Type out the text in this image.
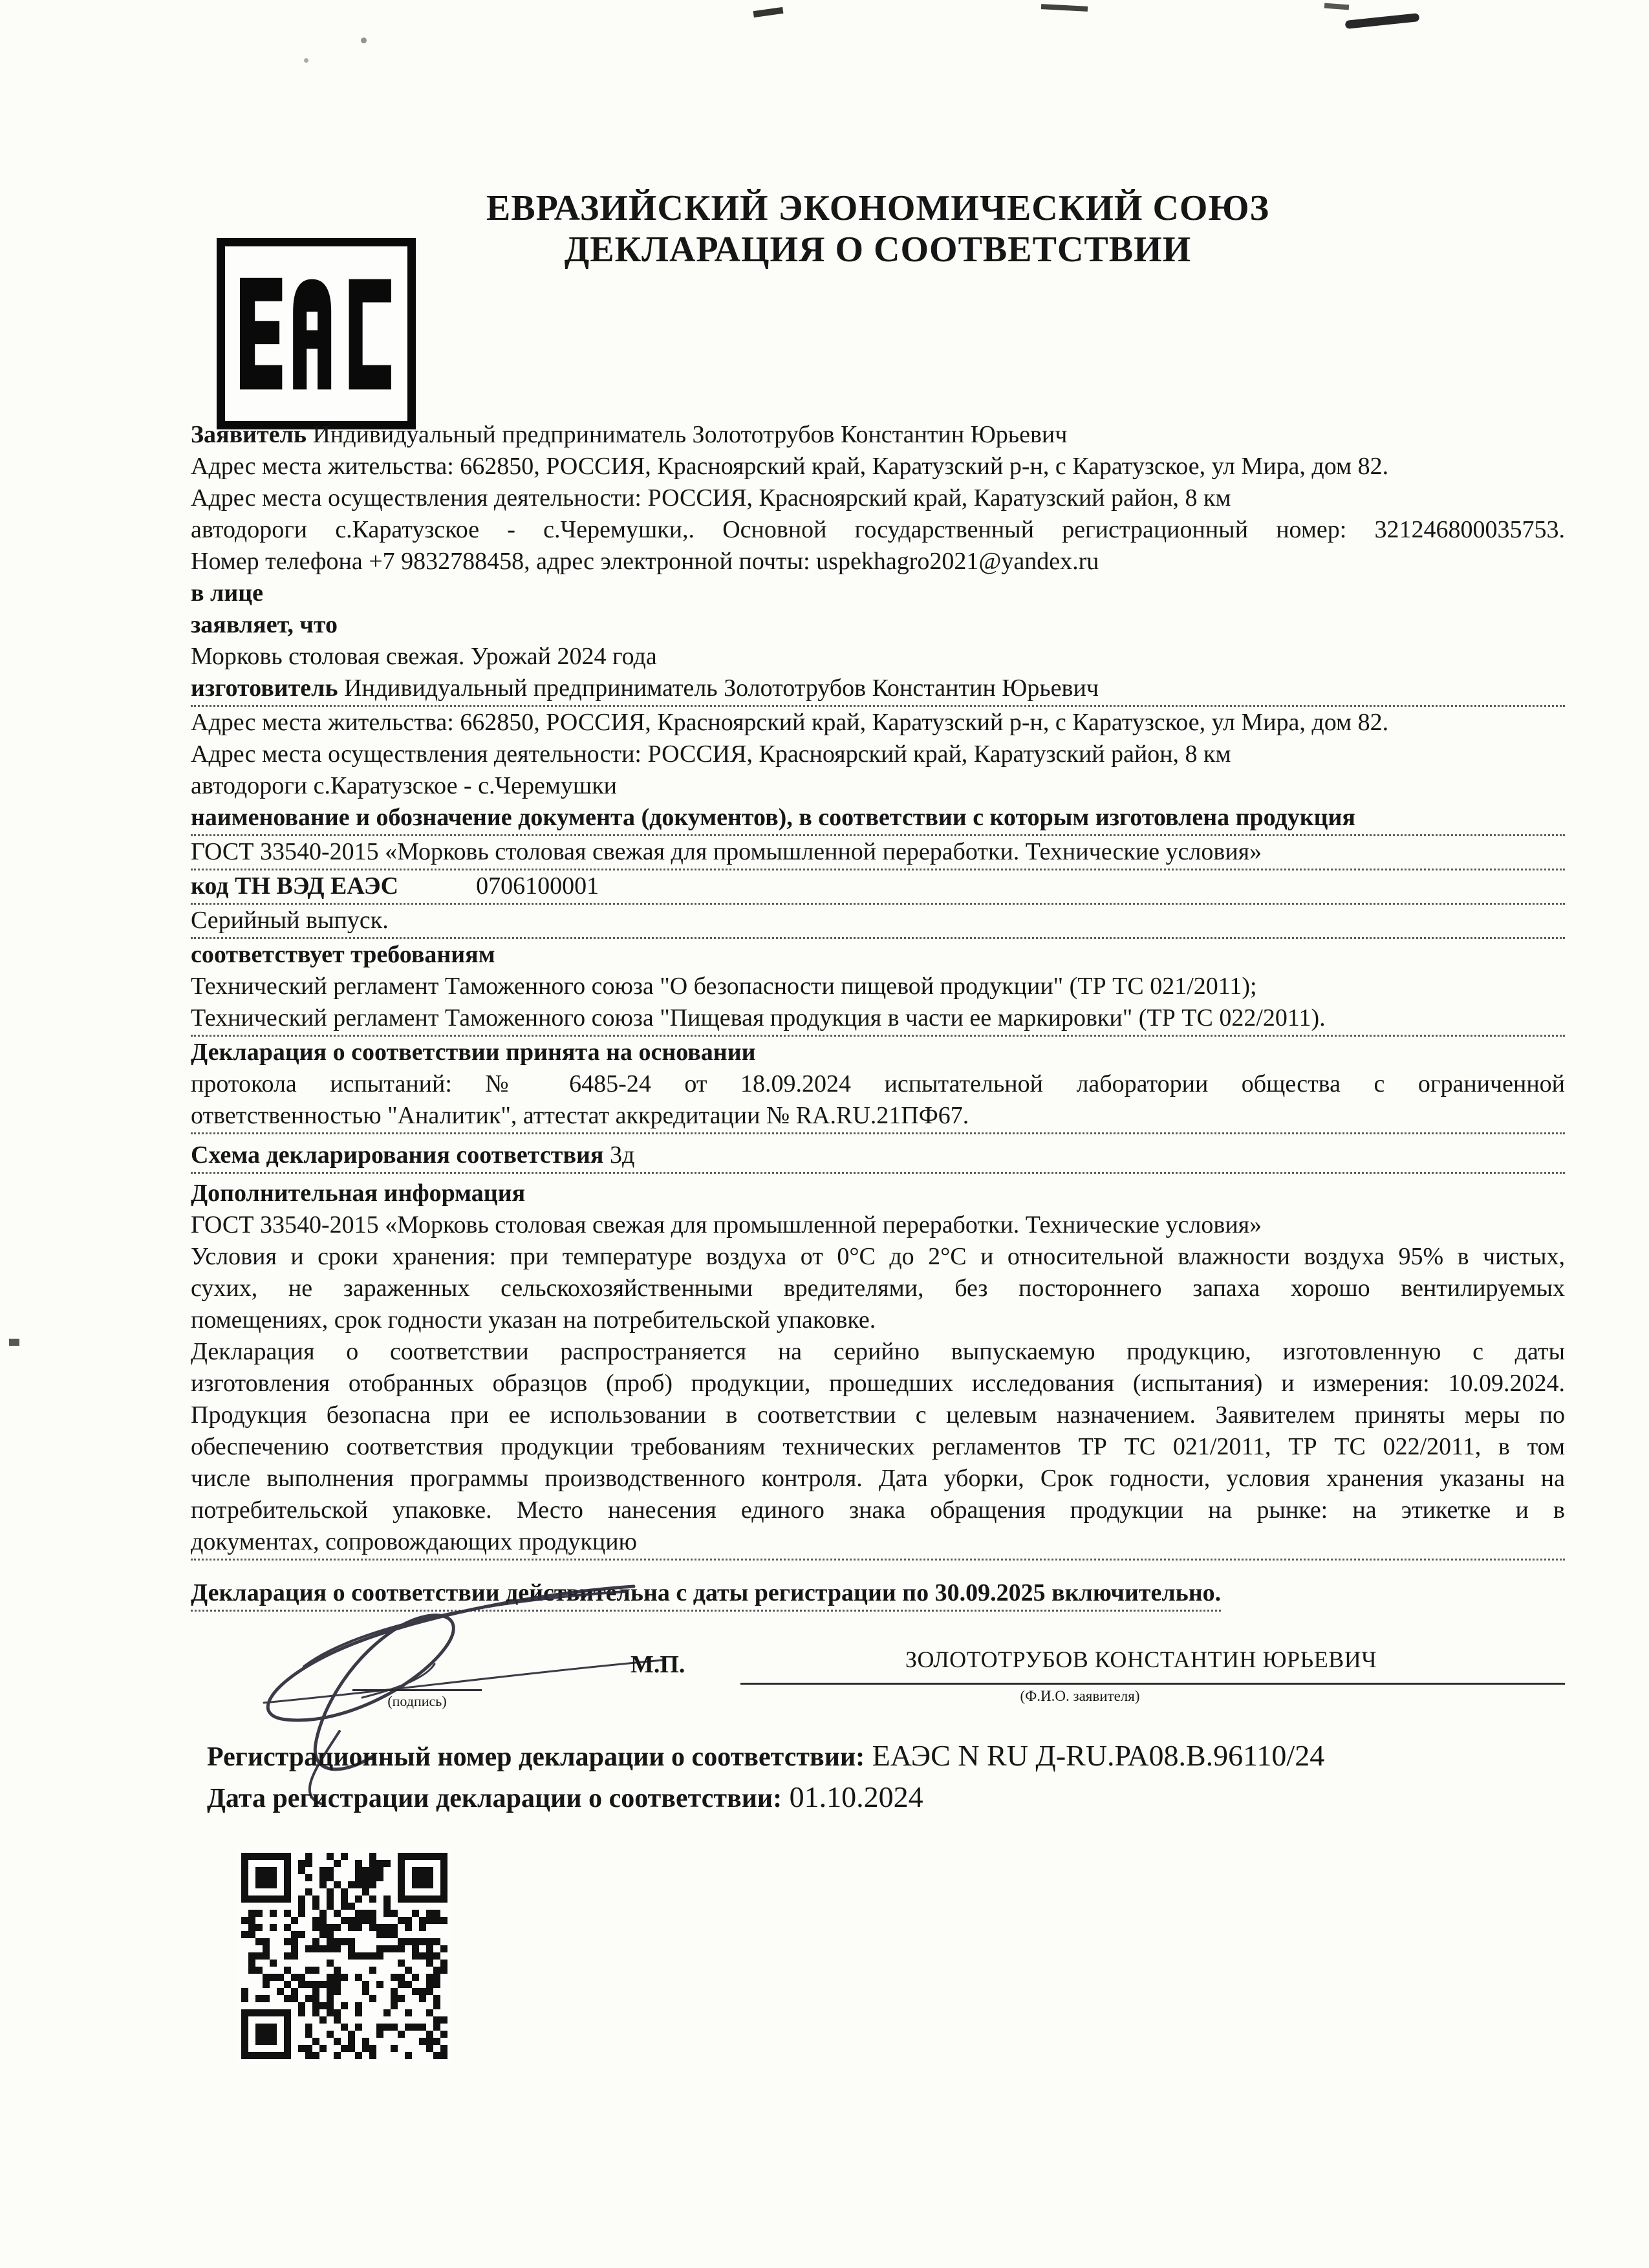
ЕВРАЗИЙСКИЙ ЭКОНОМИЧЕСКИЙ СОЮЗ
ДЕКЛАРАЦИЯ О СООТВЕТСТВИИ
Заявитель Индивидуальный предприниматель Золототрубов Константин Юрьевич
Адрес места жительства: 662850, РОССИЯ, Красноярский край, Каратузский р-н, с Каратузское, ул Мира, дом 82.
Адрес места осуществления деятельности: РОССИЯ, Красноярский край, Каратузский район, 8 км
автодороги с.Каратузское - с.Черемушки,. Основной государственный регистрационный номер: 321246800035753.
Номер телефона +7 9832788458, адрес электронной почты: uspekhagro2021@yandex.ru
в лице
заявляет, что
Морковь столовая свежая. Урожай 2024 года
изготовитель Индивидуальный предприниматель Золототрубов Константин Юрьевич
Адрес места жительства: 662850, РОССИЯ, Красноярский край, Каратузский р-н, с Каратузское, ул Мира, дом 82.
Адрес места осуществления деятельности: РОССИЯ, Красноярский край, Каратузский район, 8 км
автодороги с.Каратузское - с.Черемушки
наименование и обозначение документа (документов), в соответствии с которым изготовлена продукция
ГОСТ 33540-2015 «Морковь столовая свежая для промышленной переработки. Технические условия»
код ТН ВЭД ЕАЭС	0706100001
Серийный выпуск.
соответствует требованиям
Технический регламент Таможенного союза "О безопасности пищевой продукции" (ТР ТС 021/2011);
Технический регламент Таможенного союза "Пищевая продукция в части ее маркировки" (ТР ТС 022/2011).
Декларация о соответствии принята на основании
протокола испытаний: № 6485-24 от 18.09.2024 испытательной лаборатории общества с ограниченной
ответственностью "Аналитик", аттестат аккредитации № RA.RU.21ПФ67.
Схема декларирования соответствия 3д
Дополнительная информация
ГОСТ 33540-2015 «Морковь столовая свежая для промышленной переработки. Технические условия»
Условия и сроки хранения: при температуре воздуха от 0°С до 2°С и относительной влажности воздуха 95% в чистых,
сухих, не зараженных сельскохозяйственными вредителями, без постороннего запаха хорошо вентилируемых
помещениях, срок годности указан на потребительской упаковке.
Декларация о соответствии распространяется на серийно выпускаемую продукцию, изготовленную с даты
изготовления отобранных образцов (проб) продукции, прошедших исследования (испытания) и измерения: 10.09.2024.
Продукция безопасна при ее использовании в соответствии с целевым назначением. Заявителем приняты меры по
обеспечению соответствия продукции требованиям технических регламентов ТР ТС 021/2011, ТР ТС 022/2011, в том
числе выполнения программы производственного контроля. Дата уборки, Срок годности, условия хранения указаны на
потребительской упаковке. Место нанесения единого знака обращения продукции на рынке: на этикетке и в
документах, сопровождающих продукцию
Декларация о соответствии действительна с даты регистрации по 30.09.2025 включительно.
(подпись)
М.П.	ЗОЛОТОТРУБОВ КОНСТАНТИН ЮРЬЕВИЧ
(Ф.И.О. заявителя)
Регистрационный номер декларации о соответствии: ЕАЭС N RU Д-RU.РА08.В.96110/24
Дата регистрации декларации о соответствии: 01.10.2024
